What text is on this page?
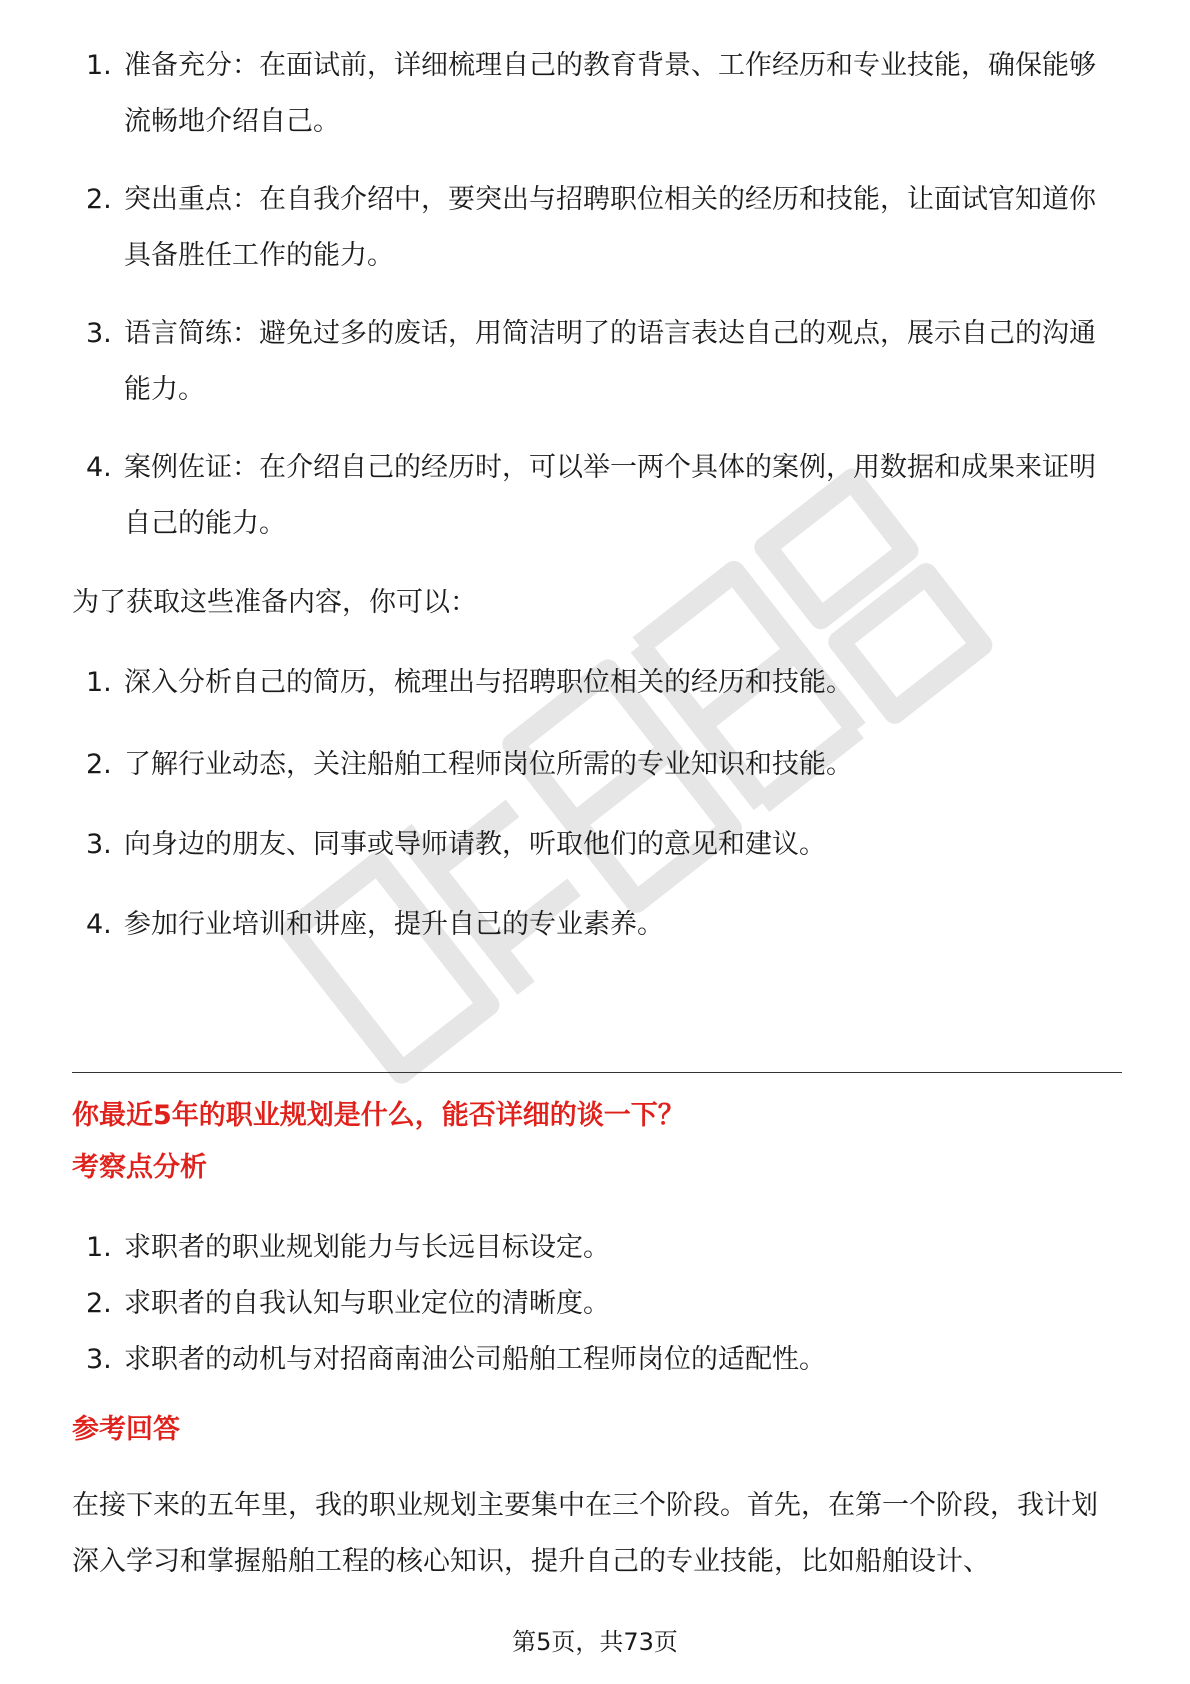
1. 准备充分：在面试前，详细梳理自己的教育背景、工作经历和专业技能，确保能够流畅地介绍自己。
2. 突出重点：在自我介绍中，要突出与招聘职位相关的经历和技能，让面试官知道你具备胜任工作的能力。
3. 语言简练：避免过多的废话，用简洁明了的语言表达自己的观点，展示自己的沟通能力。
4. 案例佐证：在介绍自己的经历时，可以举一两个具体的案例，用数据和成果来证明自己的能力。
为了获取这些准备内容，你可以：
1. 深入分析自己的简历，梳理出与招聘职位相关的经历和技能。
2. 了解行业动态，关注船舶工程师岗位所需的专业知识和技能。
3. 向身边的朋友、同事或导师请教，听取他们的意见和建议。
4. 参加行业培训和讲座，提升自己的专业素养。
你最近5年的职业规划是什么，能否详细的谈一下？
考察点分析
1. 求职者的职业规划能力与长远目标设定。
2. 求职者的自我认知与职业定位的清晰度。
3. 求职者的动机与对招商南油公司船舶工程师岗位的适配性。
参考回答
在接下来的五年里，我的职业规划主要集中在三个阶段。首先，在第一个阶段，我计划深入学习和掌握船舶工程的核心知识，提升自己的专业技能，比如船舶设计、
第5页，共73页
